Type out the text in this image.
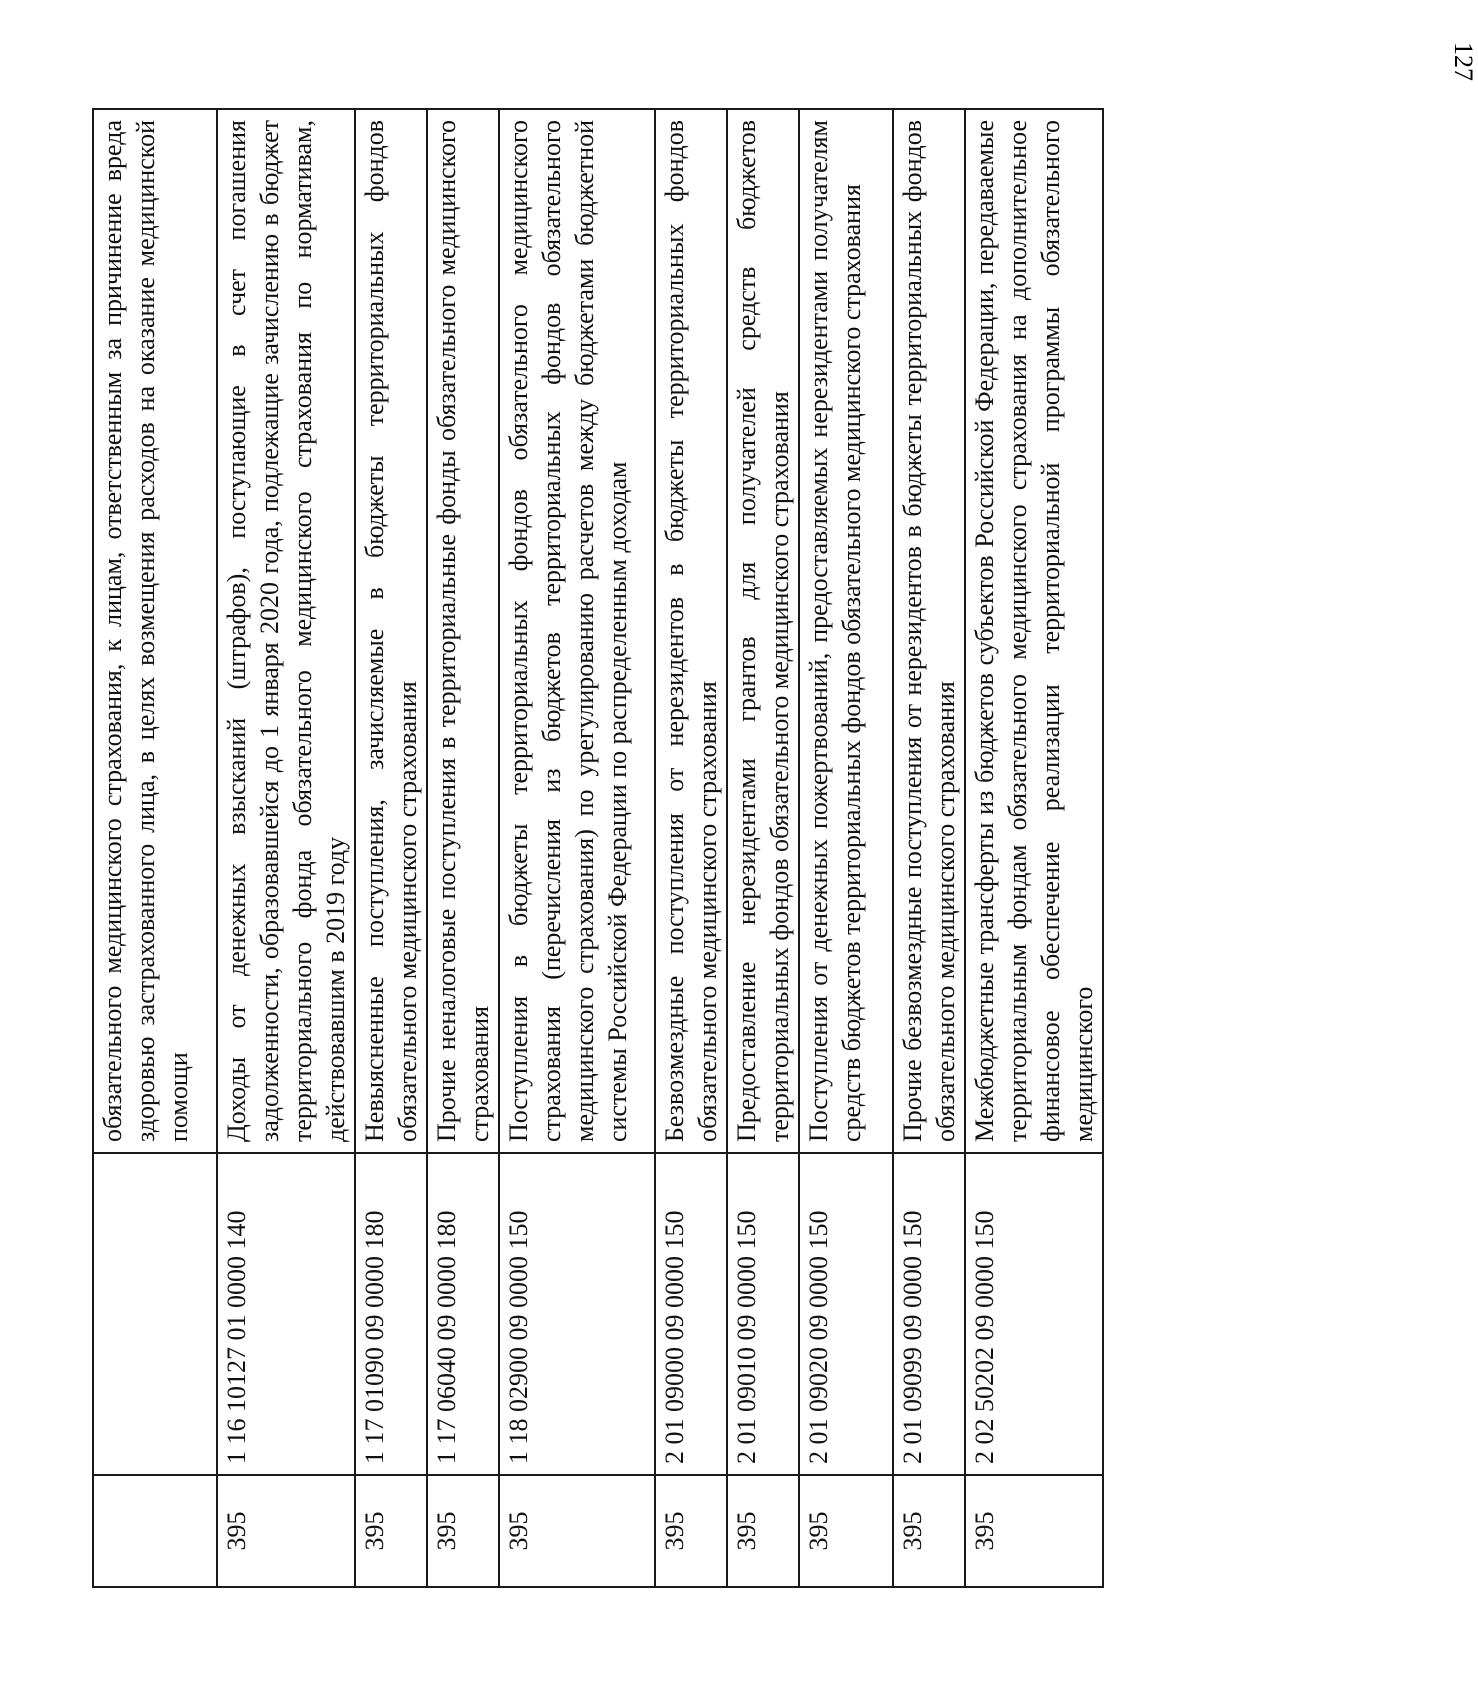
		обязательного медицинского страхования, к лицам, ответственным за причинение вреда здоровью застрахованного лица, в целях возмещения расходов на оказание медицинской помощи
395	1 16 10127 01 0000 140	Доходы от денежных взысканий (штрафов), поступающие в счет погашения задолженности, образовавшейся до 1 января 2020 года, подлежащие зачислению в бюджет территориального фонда обязательного медицинского страхования по нормативам, действовавшим в 2019 году
395	1 17 01090 09 0000 180	Невыясненные поступления, зачисляемые в бюджеты территориальных фондов обязательного медицинского страхования
395	1 17 06040 09 0000 180	Прочие неналоговые поступления в территориальные фонды обязательного медицинского страхования
395	1 18 02900 09 0000 150	Поступления в бюджеты территориальных фондов обязательного медицинского страхования (перечисления из бюджетов территориальных фондов обязательного медицинского страхования) по урегулированию расчетов между бюджетами бюджетной системы Российской Федерации по распределенным доходам
395	2 01 09000 09 0000 150	Безвозмездные поступления от нерезидентов в бюджеты территориальных фондов обязательного медицинского страхования
395	2 01 09010 09 0000 150	Предоставление нерезидентами грантов для получателей средств бюджетов территориальных фондов обязательного медицинского страхования
395	2 01 09020 09 0000 150	Поступления от денежных пожертвований, предоставляемых нерезидентами получателям средств бюджетов территориальных фондов обязательного медицинского страхования
395	2 01 09099 09 0000 150	Прочие безвозмездные поступления от нерезидентов в бюджеты территориальных фондов обязательного медицинского страхования
395	2 02 50202 09 0000 150	Межбюджетные трансферты из бюджетов субъектов Российской Федерации, передаваемые территориальным фондам обязательного медицинского страхования на дополнительное финансовое обеспечение реализации территориальной программы обязательного медицинского
127
